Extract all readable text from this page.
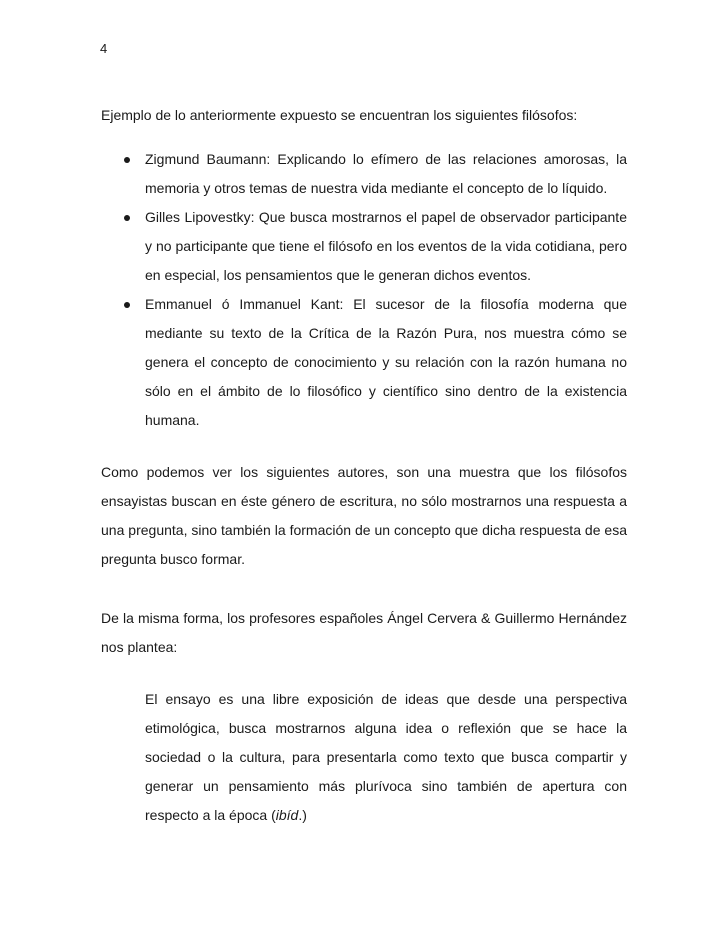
4

Ejemplo de lo anteriormente expuesto se encuentran los siguientes filósofos:

Zigmund Baumann: Explicando lo efímero de las relaciones amorosas, la memoria y otros temas de nuestra vida mediante el concepto de lo líquido.
Gilles Lipovestky: Que busca mostrarnos el papel de observador participante y no participante que tiene el filósofo en los eventos de la vida cotidiana, pero en especial, los pensamientos que le generan dichos eventos.
Emmanuel ó Immanuel Kant: El sucesor de la filosofía moderna que mediante su texto de la Crítica de la Razón Pura, nos muestra cómo se genera el concepto de conocimiento y su relación con la razón humana no sólo en el ámbito de lo filosófico y científico sino dentro de la existencia humana.

Como podemos ver los siguientes autores, son una muestra que los filósofos ensayistas buscan en éste género de escritura, no sólo mostrarnos una respuesta a una pregunta, sino también la formación de un concepto que dicha respuesta de esa pregunta busco formar.

De la misma forma, los profesores españoles Ángel Cervera & Guillermo Hernández nos plantea:

El ensayo es una libre exposición de ideas que desde una perspectiva etimológica, busca mostrarnos alguna idea o reflexión que se hace la sociedad o la cultura, para presentarla como texto que busca compartir y generar un pensamiento más plurívoca sino también de apertura con respecto a la época (ibíd.)
